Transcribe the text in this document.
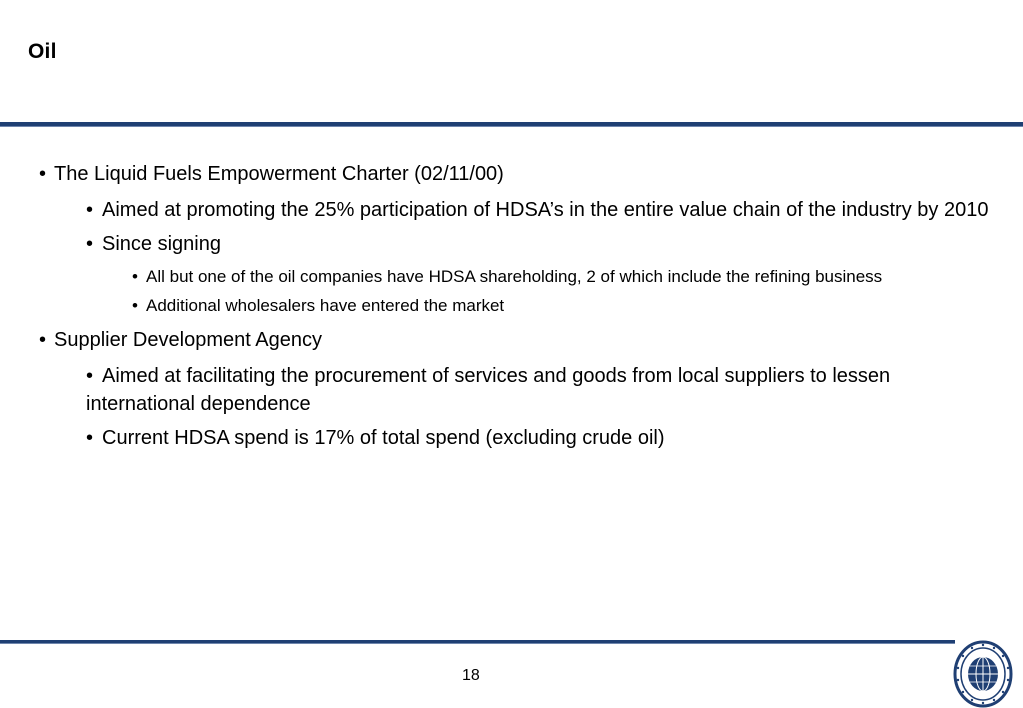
Oil
• The Liquid Fuels Empowerment Charter (02/11/00)
• Aimed at promoting the 25% participation of HDSA’s in the entire value chain of the industry by 2010
• Since signing
• All but one of the oil companies have HDSA shareholding, 2 of which include the refining business
• Additional wholesalers have entered the market
• Supplier Development Agency
• Aimed at facilitating the procurement of services and goods from local suppliers to lessen international dependence
• Current HDSA spend is 17% of total spend (excluding crude oil)
18
